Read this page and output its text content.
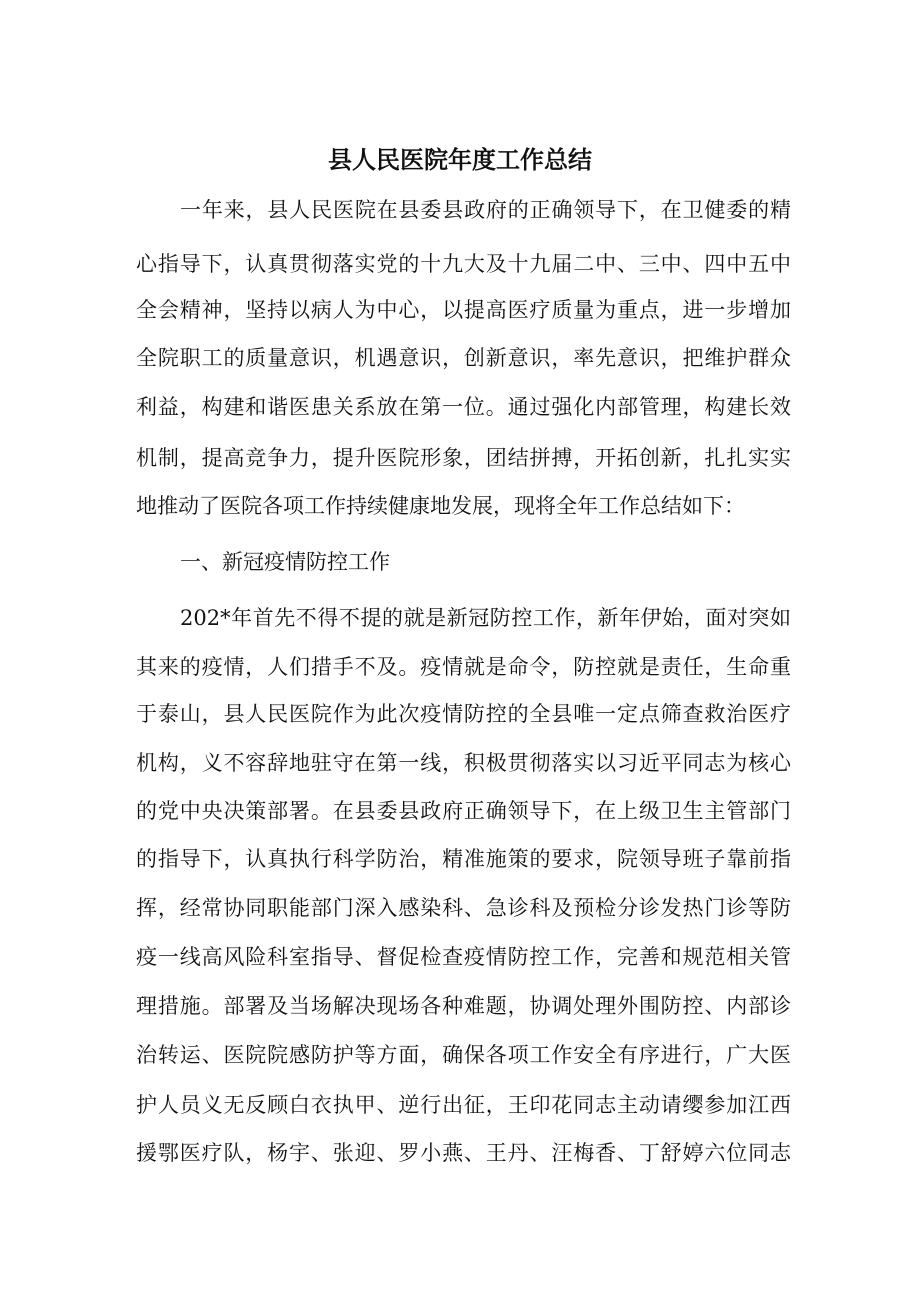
县人民医院年度工作总结
一年来，县人民医院在县委县政府的正确领导下，在卫健委的精
心指导下，认真贯彻落实党的十九大及十九届二中、三中、四中五中
全会精神，坚持以病人为中心，以提高医疗质量为重点，进一步增加
全院职工的质量意识，机遇意识，创新意识，率先意识，把维护群众
利益，构建和谐医患关系放在第一位。通过强化内部管理，构建长效
机制，提高竞争力，提升医院形象，团结拼搏，开拓创新，扎扎实实
地推动了医院各项工作持续健康地发展，现将全年工作总结如下：
一、新冠疫情防控工作
202*年首先不得不提的就是新冠防控工作，新年伊始，面对突如
其来的疫情，人们措手不及。疫情就是命令，防控就是责任，生命重
于泰山，县人民医院作为此次疫情防控的全县唯一定点筛查救治医疗
机构，义不容辞地驻守在第一线，积极贯彻落实以习近平同志为核心
的党中央决策部署。在县委县政府正确领导下，在上级卫生主管部门
的指导下，认真执行科学防治，精准施策的要求，院领导班子靠前指
挥，经常协同职能部门深入感染科、急诊科及预检分诊发热门诊等防
疫一线高风险科室指导、督促检查疫情防控工作，完善和规范相关管
理措施。部署及当场解决现场各种难题，协调处理外围防控、内部诊
治转运、医院院感防护等方面，确保各项工作安全有序进行，广大医
护人员义无反顾白衣执甲、逆行出征，王印花同志主动请缨参加江西
援鄂医疗队，杨宇、张迎、罗小燕、王丹、汪梅香、丁舒婷六位同志
